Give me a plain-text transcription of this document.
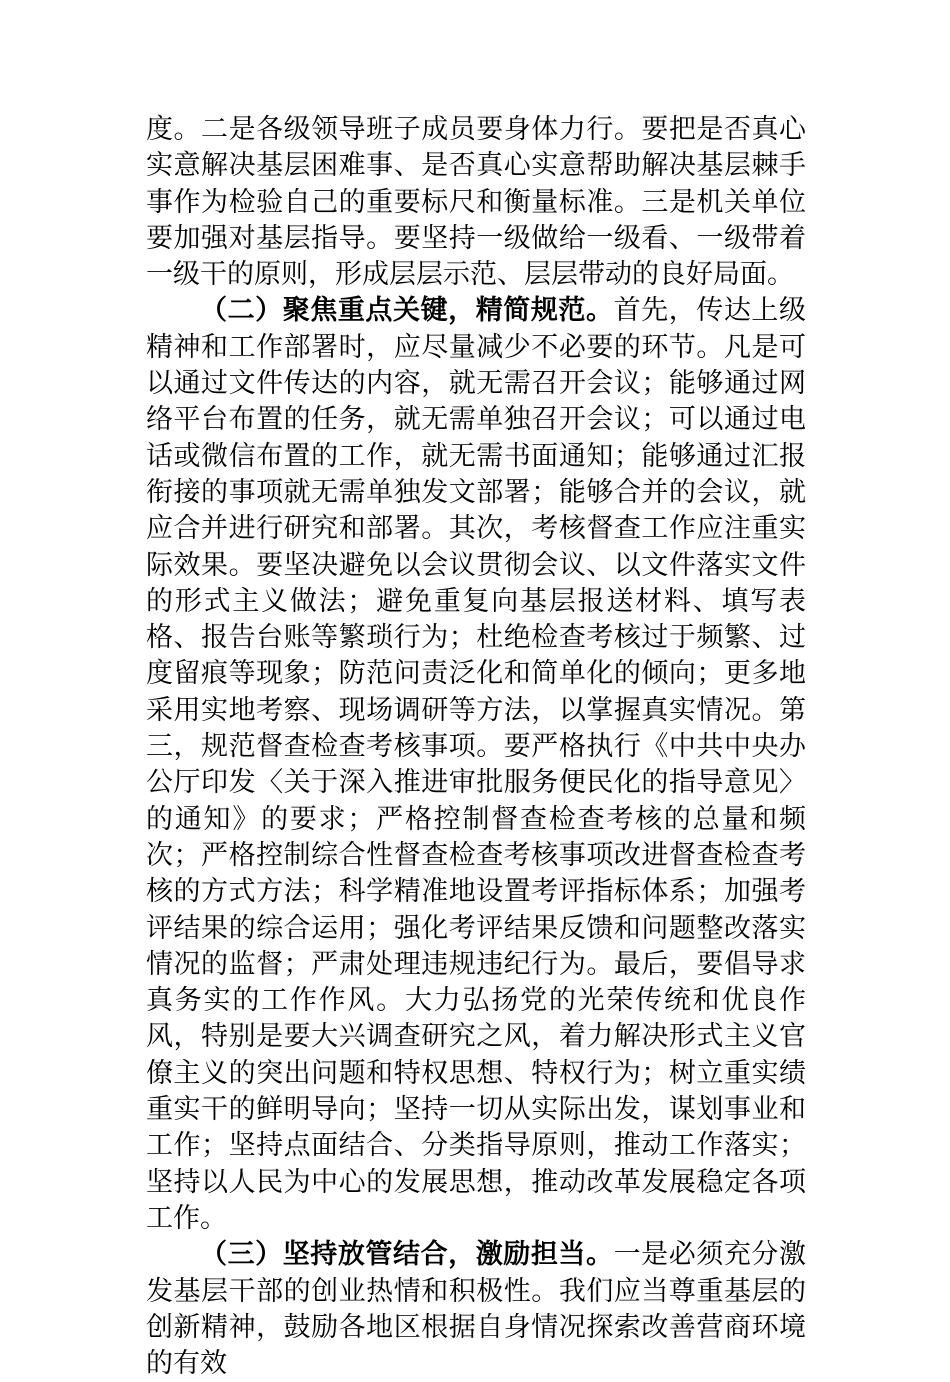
度。二是各级领导班子成员要身体力行。要把是否真心实意解决基层困难事、是否真心实意帮助解决基层棘手事作为检验自己的重要标尺和衡量标准。三是机关单位要加强对基层指导。要坚持一级做给一级看、一级带着一级干的原则，形成层层示范、层层带动的良好局面。

（二）聚焦重点关键，精简规范。首先，传达上级精神和工作部署时，应尽量减少不必要的环节。凡是可以通过文件传达的内容，就无需召开会议；能够通过网络平台布置的任务，就无需单独召开会议；可以通过电话或微信布置的工作，就无需书面通知；能够通过汇报衔接的事项就无需单独发文部署；能够合并的会议，就应合并进行研究和部署。其次，考核督查工作应注重实际效果。要坚决避免以会议贯彻会议、以文件落实文件的形式主义做法；避免重复向基层报送材料、填写表格、报告台账等繁琐行为；杜绝检查考核过于频繁、过度留痕等现象；防范问责泛化和简单化的倾向；更多地采用实地考察、现场调研等方法，以掌握真实情况。第三，规范督查检查考核事项。要严格执行《中共中央办公厅印发〈关于深入推进审批服务便民化的指导意见〉的通知》的要求；严格控制督查检查考核的总量和频次；严格控制综合性督查检查考核事项改进督查检查考核的方式方法；科学精准地设置考评指标体系；加强考评结果的综合运用；强化考评结果反馈和问题整改落实情况的监督；严肃处理违规违纪行为。最后，要倡导求真务实的工作作风。大力弘扬党的光荣传统和优良作风，特别是要大兴调查研究之风，着力解决形式主义官僚主义的突出问题和特权思想、特权行为；树立重实绩重实干的鲜明导向；坚持一切从实际出发，谋划事业和工作；坚持点面结合、分类指导原则，推动工作落实；坚持以人民为中心的发展思想，推动改革发展稳定各项工作。

（三）坚持放管结合，激励担当。一是必须充分激发基层干部的创业热情和积极性。我们应当尊重基层的创新精神，鼓励各地区根据自身情况探索改善营商环境的有效
